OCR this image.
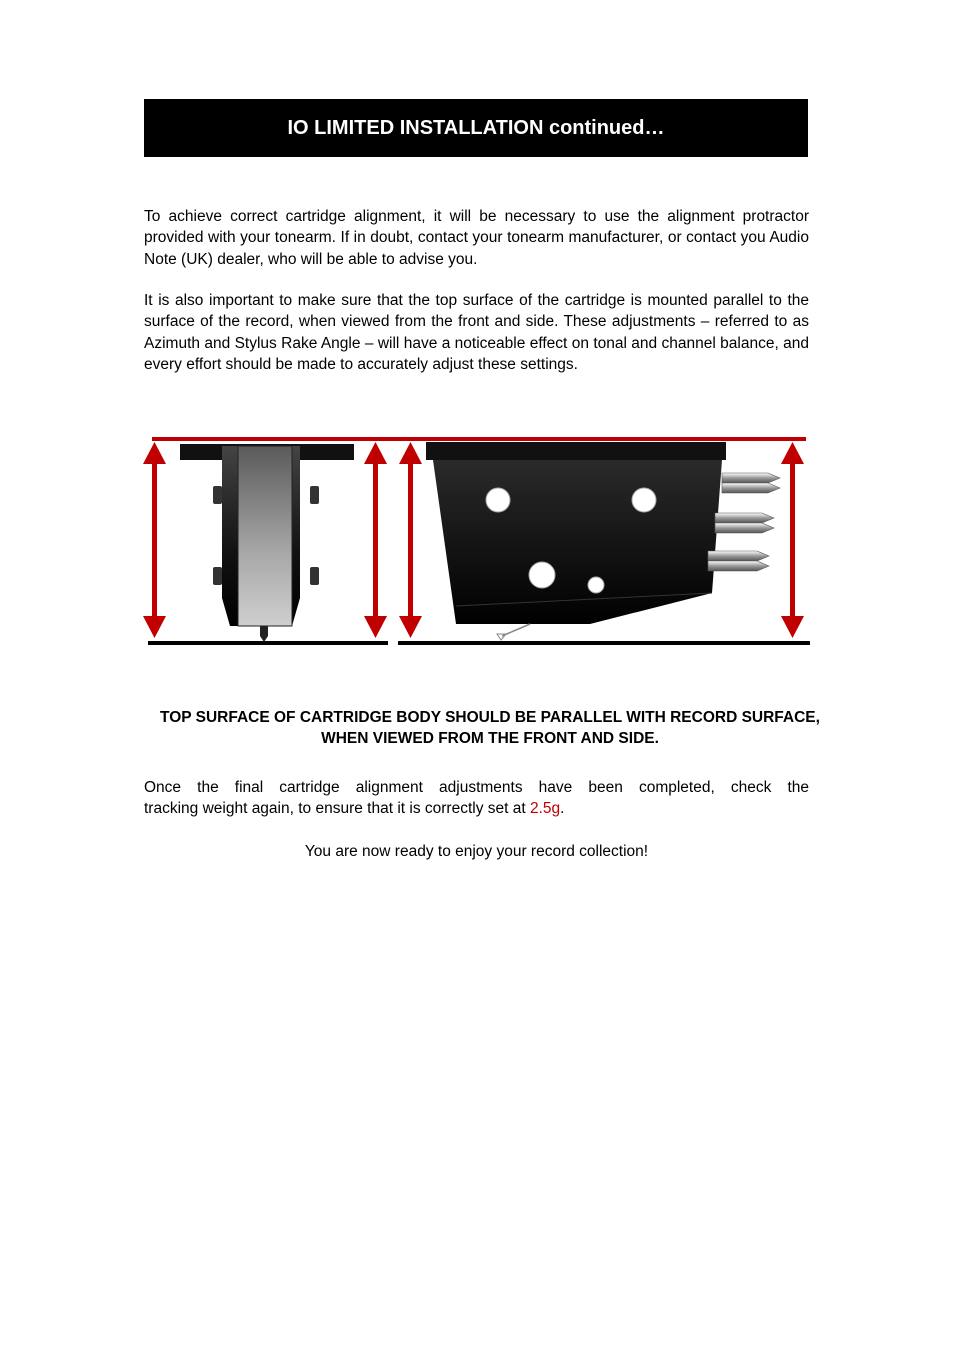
IO LIMITED INSTALLATION continued…
To achieve correct cartridge alignment, it will be necessary to use the alignment protractor provided with your tonearm. If in doubt, contact your tonearm manufacturer, or contact you Audio Note (UK) dealer, who will be able to advise you.
It is also important to make sure that the top surface of the cartridge is mounted parallel to the surface of the record, when viewed from the front and side. These adjustments – referred to as Azimuth and Stylus Rake Angle – will have a noticeable effect on tonal and channel balance, and every effort should be made to accurately adjust these settings.
TOP SURFACE OF CARTRIDGE BODY SHOULD BE PARALLEL WITH RECORD SURFACE, WHEN VIEWED FROM THE FRONT AND SIDE.
Once the final cartridge alignment adjustments have been completed, check the
tracking weight again, to ensure that it is correctly set at 2.5g.
You are now ready to enjoy your record collection!
